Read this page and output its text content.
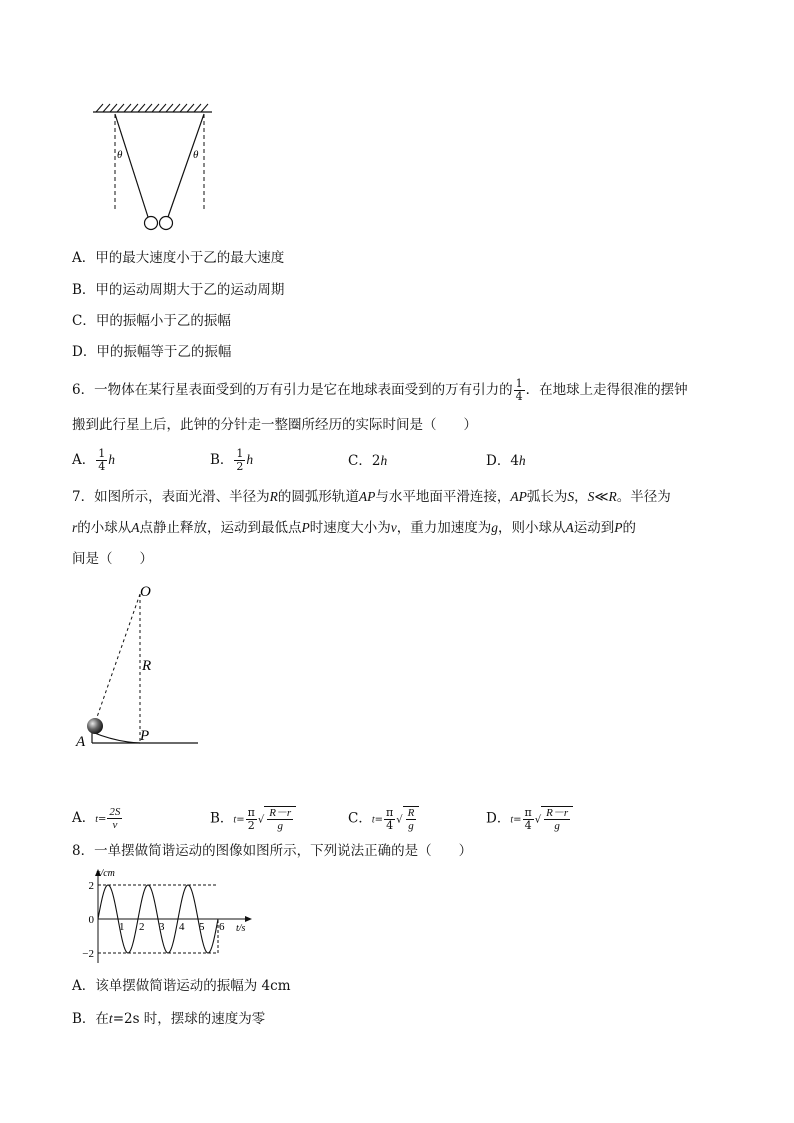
θ	θ
A．甲的最大速度小于乙的最大速度
B．甲的运动周期大于乙的运动周期
C．甲的振幅小于乙的振幅
D．甲的振幅等于乙的振幅
6．一物体在某行星表面受到的万有引力是它在地球表面受到的万有引力的 $\frac{1}{4}$ ．在地球上走得很准的摆钟
搬到此行星上后，此钟的分针走一整圈所经历的实际时间是（　　）
A． $\frac{1}{4}$ h	B． $\frac{1}{2}$ h	C．2h	D．4h
7．如图所示，表面光滑、半径为R的圆弧形轨道AP与水平地面平滑连接，AP弧长为S，S≪R。半径为
r的小球从A点静止释放，运动到最低点P时速度大小为v，重力加速度为g，则小球从A运动到P的
间是（　　）
O
R
A	P
A．$t= \frac{2S}{v}$	B．$t= \frac{\pi}{2}$ √ $\frac{R-r}{g}$	C．$t= \frac{\pi}{4}$ √ $\frac{R}{g}$	D．$t= \frac{\pi}{4}$ √ $\frac{R-r}{g}$
8．一单摆做简谐运动的图像如图所示，下列说法正确的是（　　）
1 2 3 4 5 6
2
0
−2
x/cm
t/s
A．该单摆做简谐运动的振幅为 4cm
B．在t=2s 时，摆球的速度为零
